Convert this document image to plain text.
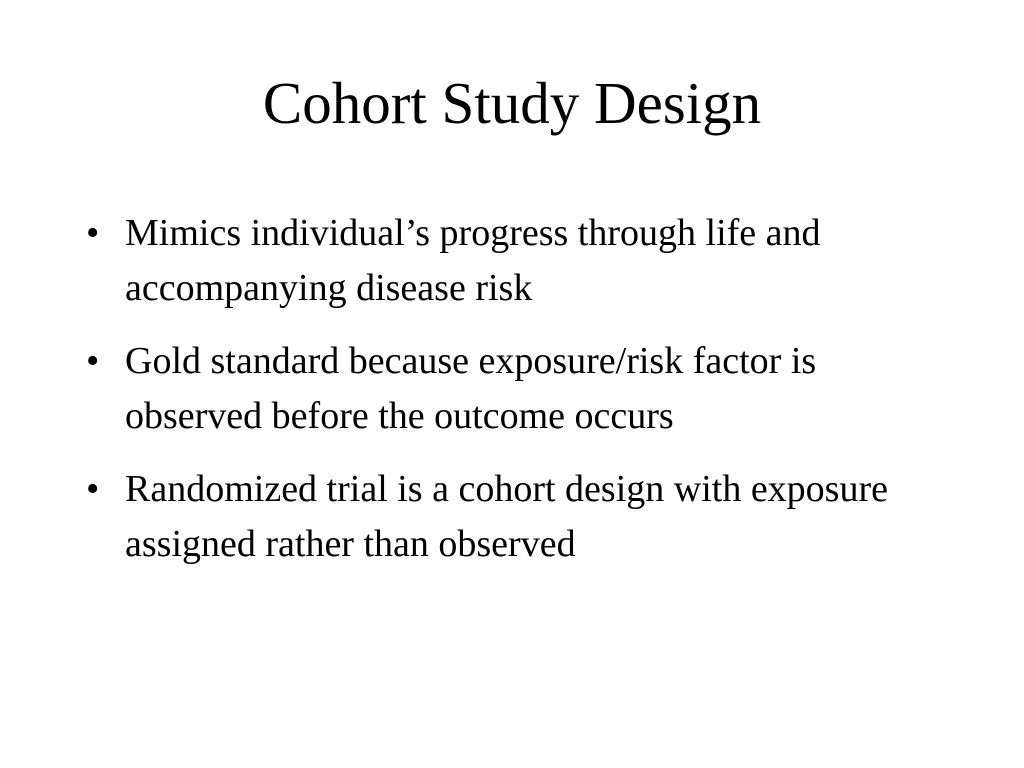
Cohort Study Design
• Mimics individual’s progress through life and accompanying disease risk
• Gold standard because exposure/risk factor is observed before the outcome occurs
• Randomized trial is a cohort design with exposure assigned rather than observed
